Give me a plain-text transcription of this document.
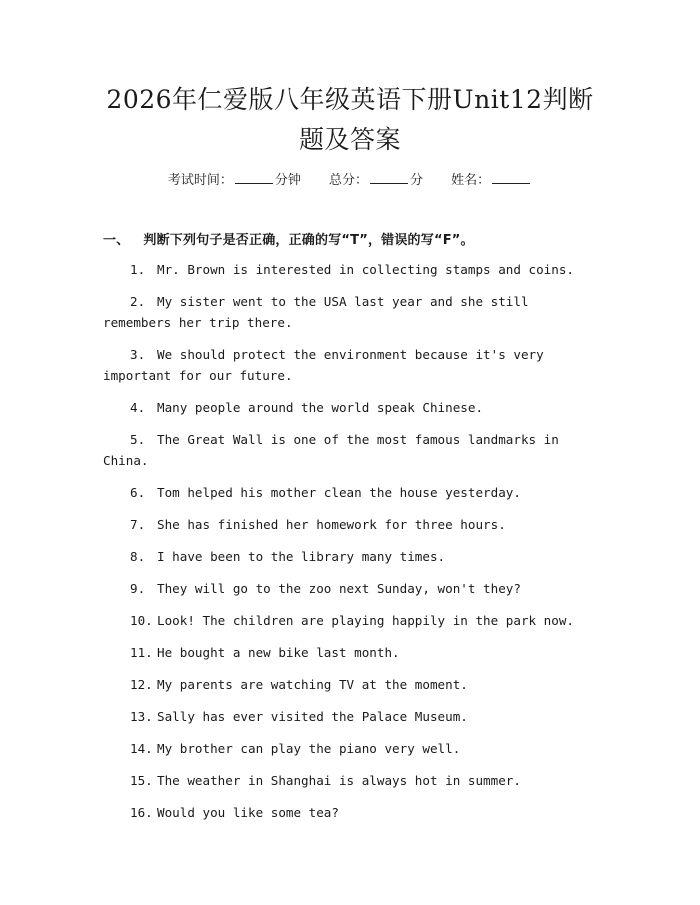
2026年仁爱版八年级英语下册Unit12判断
题及答案
考试时间：	分钟 总分：	分 姓名：
一、 判断下列句子是否正确，正确的写“T”，错误的写“F”。
1. Mr. Brown is interested in collecting stamps and coins.
2. My sister went to the USA last year and she still remembers her trip there.
3. We should protect the environment because it's very important for our future.
4. Many people around the world speak Chinese.
5. The Great Wall is one of the most famous landmarks in China.
6. Tom helped his mother clean the house yesterday.
7. She has finished her homework for three hours.
8. I have been to the library many times.
9. They will go to the zoo next Sunday, won't they?
10. Look! The children are playing happily in the park now.
11. He bought a new bike last month.
12. My parents are watching TV at the moment.
13. Sally has ever visited the Palace Museum.
14. My brother can play the piano very well.
15. The weather in Shanghai is always hot in summer.
16. Would you like some tea?
